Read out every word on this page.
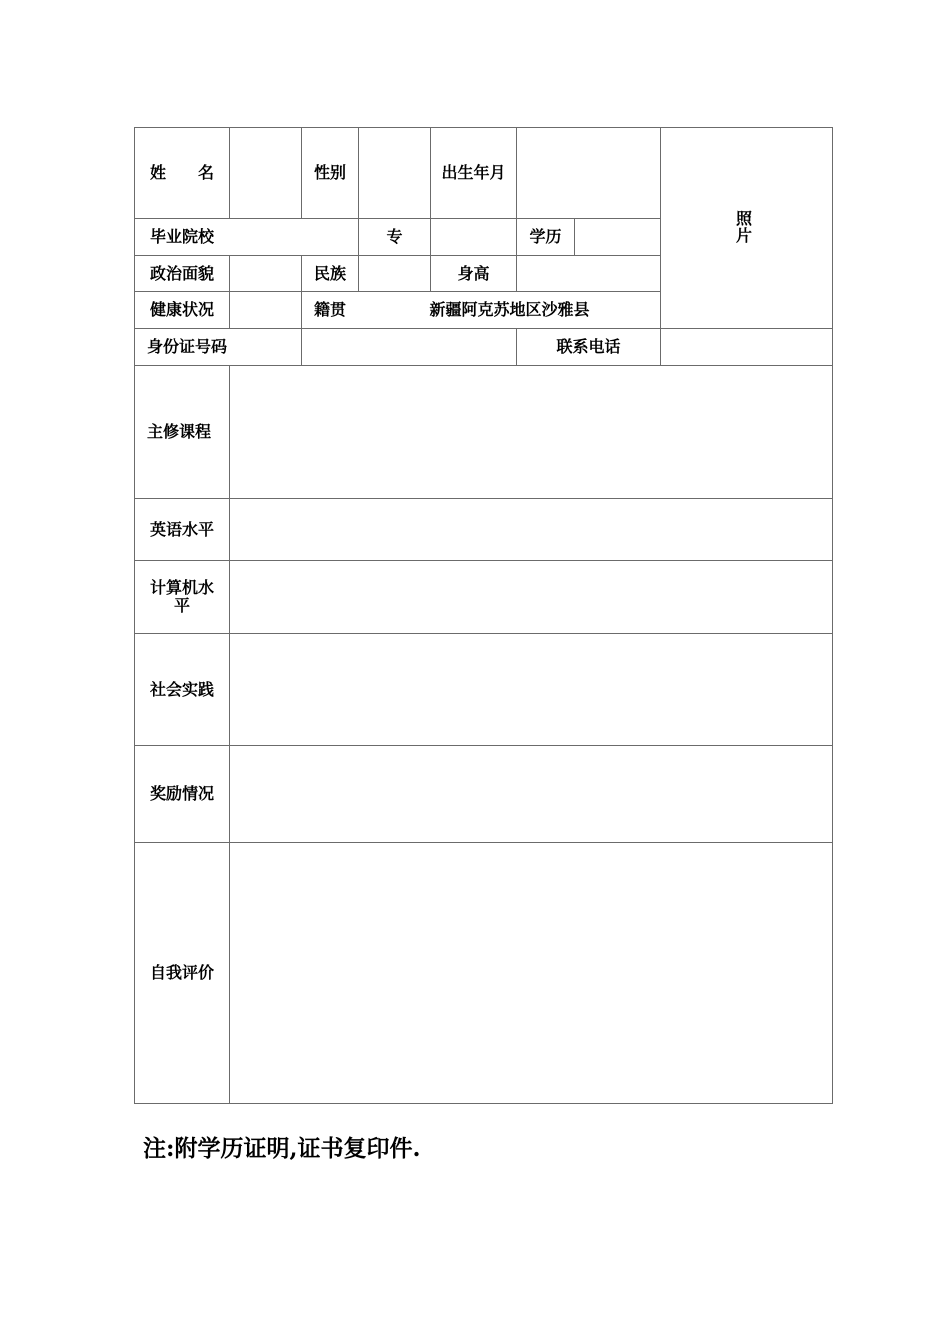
姓　　名	性别	出生年月
照
片
毕业院校	专	学历
政治面貌	民族	身高
健康状况	籍贯	新疆阿克苏地区沙雅县
身份证号码	联系电话
主修课程
英语水平
计算机水平
社会实践
奖励情况
自我评价
注:附学历证明,证书复印件.
